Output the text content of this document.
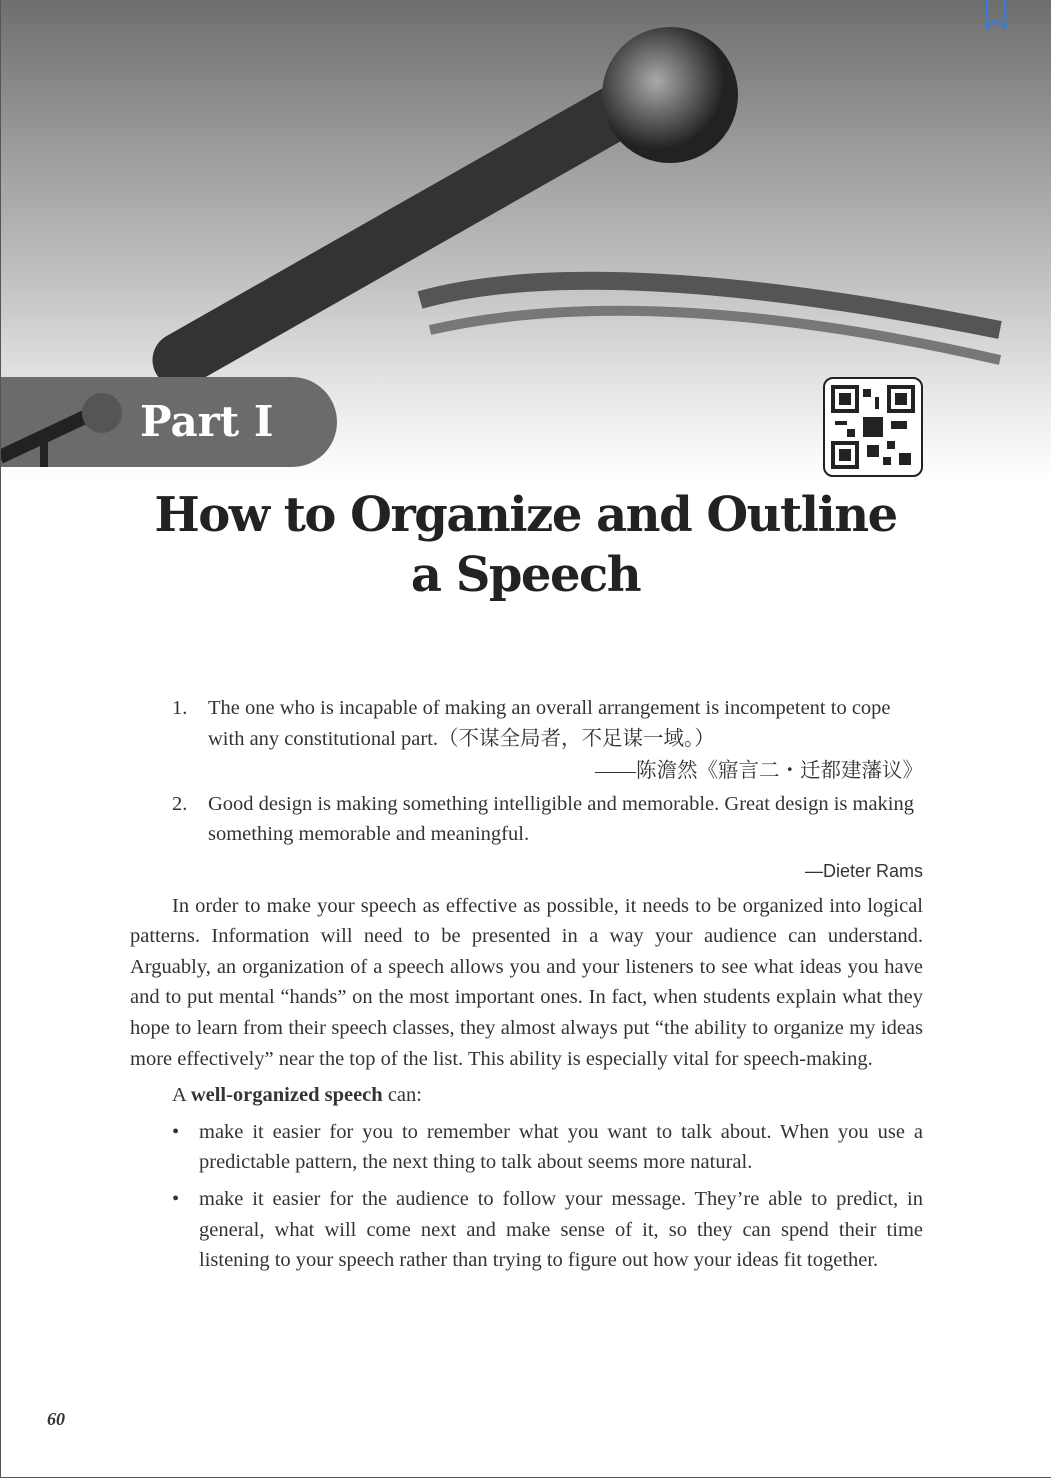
Part I
How to Organize and Outline
a Speech
1.	The one who is incapable of making an overall arrangement is incompetent to cope with any constitutional part.（不谋全局者，不足谋一域。）
——陈澹然《寤言二・迁都建藩议》
2.	Good design is making something intelligible and memorable. Great design is making something memorable and meaningful.
—Dieter Rams

In order to make your speech as effective as possible, it needs to be organized into logical patterns. Information will need to be presented in a way your audience can understand. Arguably, an organization of a speech allows you and your listeners to see what ideas you have and to put mental “hands” on the most important ones. In fact, when students explain what they hope to learn from their speech classes, they almost always put “the ability to organize my ideas more effectively” near the top of the list. This ability is especially vital for speech-making.

A well-organized speech can:
• make it easier for you to remember what you want to talk about. When you use a predictable pattern, the next thing to talk about seems more natural.
• make it easier for the audience to follow your message. They’re able to predict, in general, what will come next and make sense of it, so they can spend their time listening to your speech rather than trying to figure out how your ideas fit together.
60
